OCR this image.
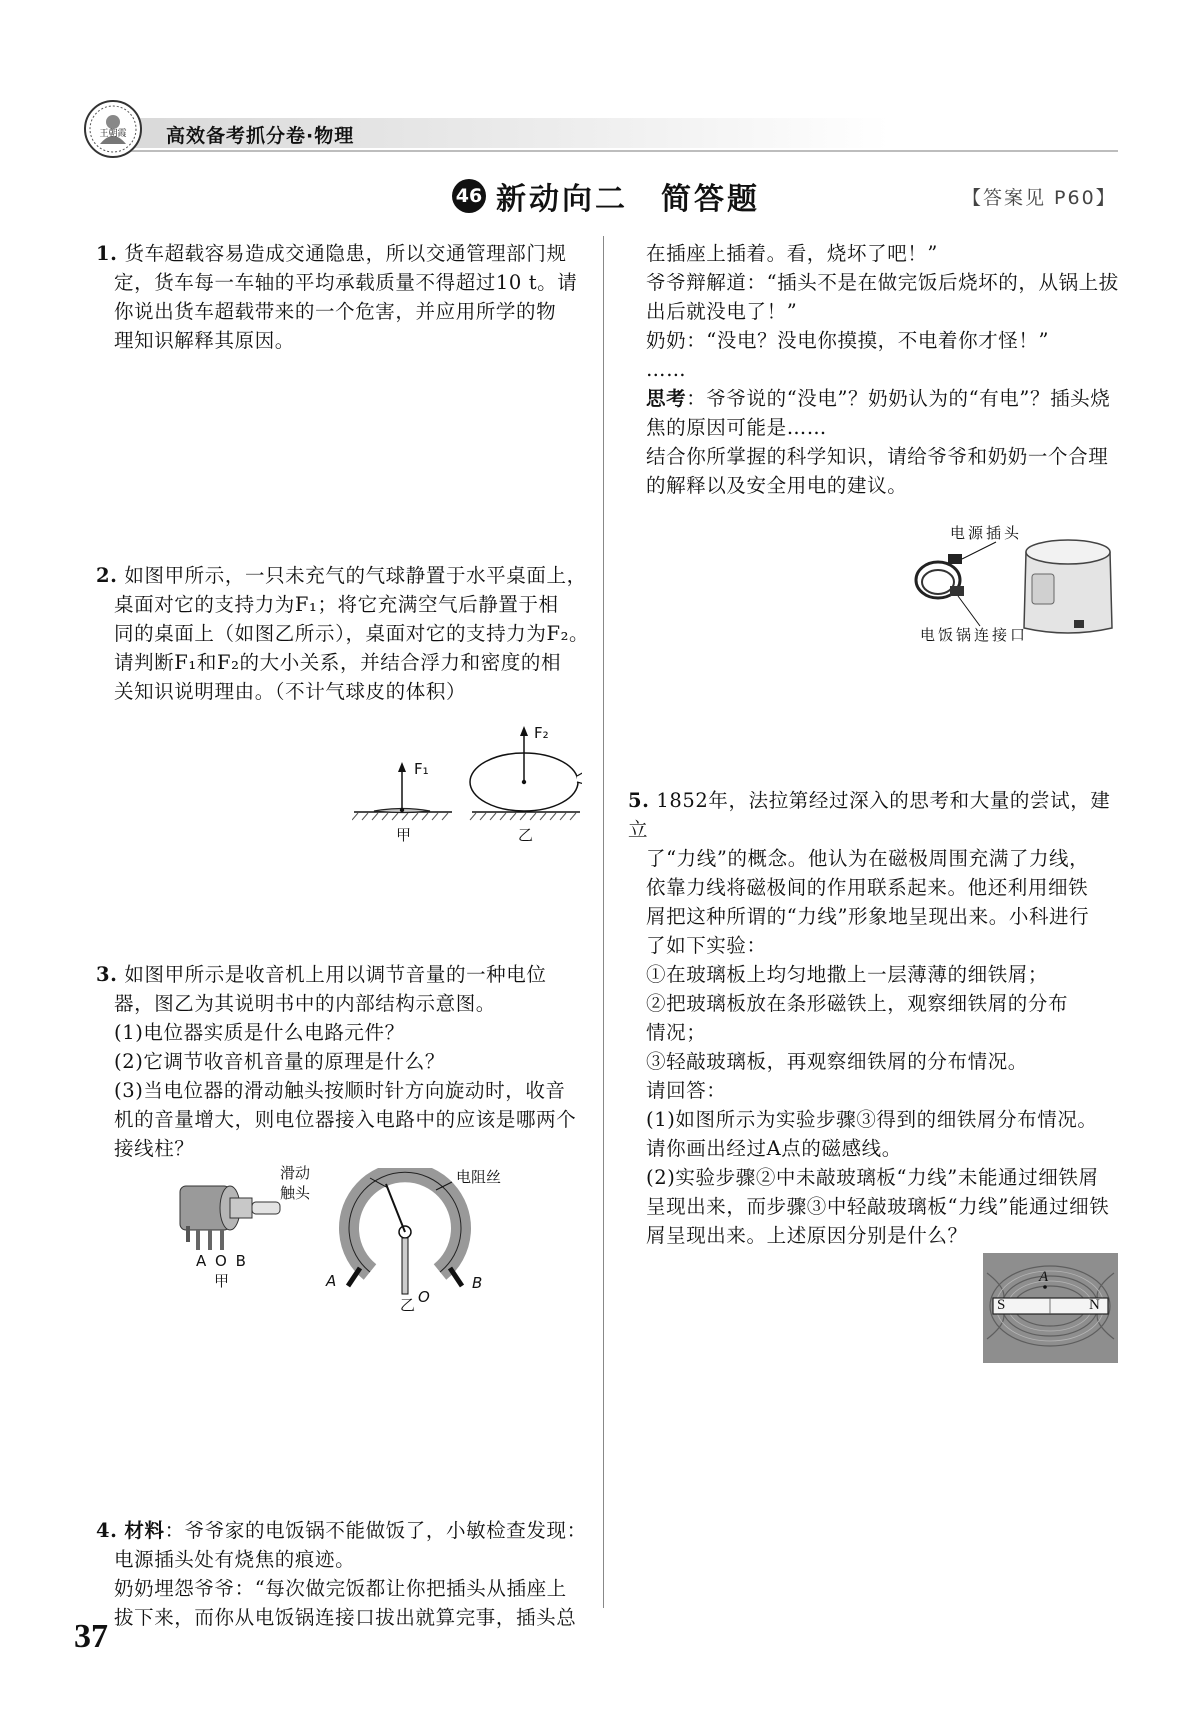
王朝霞 高效备考抓分卷·物理
46 新动向二　简答题	【答案见 P60】

1. 货车超载容易造成交通隐患，所以交通管理部门规

定，货车每一车轴的平均承载质量不得超过10 t。请

你说出货车超载带来的一个危害，并应用所学的物

理知识解释其原因。

2. 如图甲所示，一只未充气的气球静置于水平桌面上，

桌面对它的支持力为F₁；将它充满空气后静置于相

同的桌面上（如图乙所示），桌面对它的支持力为F₂。

请判断F₁和F₂的大小关系，并结合浮力和密度的相

关知识说明理由。（不计气球皮的体积）

F₁
F₂
甲	乙

3. 如图甲所示是收音机上用以调节音量的一种电位

器，图乙为其说明书中的内部结构示意图。

(1)电位器实质是什么电路元件？

(2)它调节收音机音量的原理是什么？

(3)当电位器的滑动触头按顺时针方向旋动时，收音

机的音量增大，则电位器接入电路中的应该是哪两个

接线柱？

A O B
甲
滑动
触头
电阻丝
A	B
O
乙

4. 材料：爷爷家的电饭锅不能做饭了，小敏检查发现：

电源插头处有烧焦的痕迹。

奶奶埋怨爷爷：“每次做完饭都让你把插头从插座上

拔下来，而你从电饭锅连接口拔出就算完事，插头总

在插座上插着。看，烧坏了吧！”

爷爷辩解道：“插头不是在做完饭后烧坏的，从锅上拔

出后就没电了！”

奶奶：“没电？没电你摸摸，不电着你才怪！”

……

思考：爷爷说的“没电”？奶奶认为的“有电”？插头烧

焦的原因可能是……

结合你所掌握的科学知识，请给爷爷和奶奶一个合理

的解释以及安全用电的建议。

电源插头
电饭锅连接口

5. 1852年，法拉第经过深入的思考和大量的尝试，建立

了“力线”的概念。他认为在磁极周围充满了力线，

依靠力线将磁极间的作用联系起来。他还利用细铁

屑把这种所谓的“力线”形象地呈现出来。小科进行

了如下实验：

①在玻璃板上均匀地撒上一层薄薄的细铁屑；

②把玻璃板放在条形磁铁上，观察细铁屑的分布

情况；

③轻敲玻璃板，再观察细铁屑的分布情况。

请回答：

(1)如图所示为实验步骤③得到的细铁屑分布情况。

请你画出经过A点的磁感线。

(2)实验步骤②中未敲玻璃板“力线”未能通过细铁屑

呈现出来，而步骤③中轻敲玻璃板“力线”能通过细铁

屑呈现出来。上述原因分别是什么？

S	N
A
37
